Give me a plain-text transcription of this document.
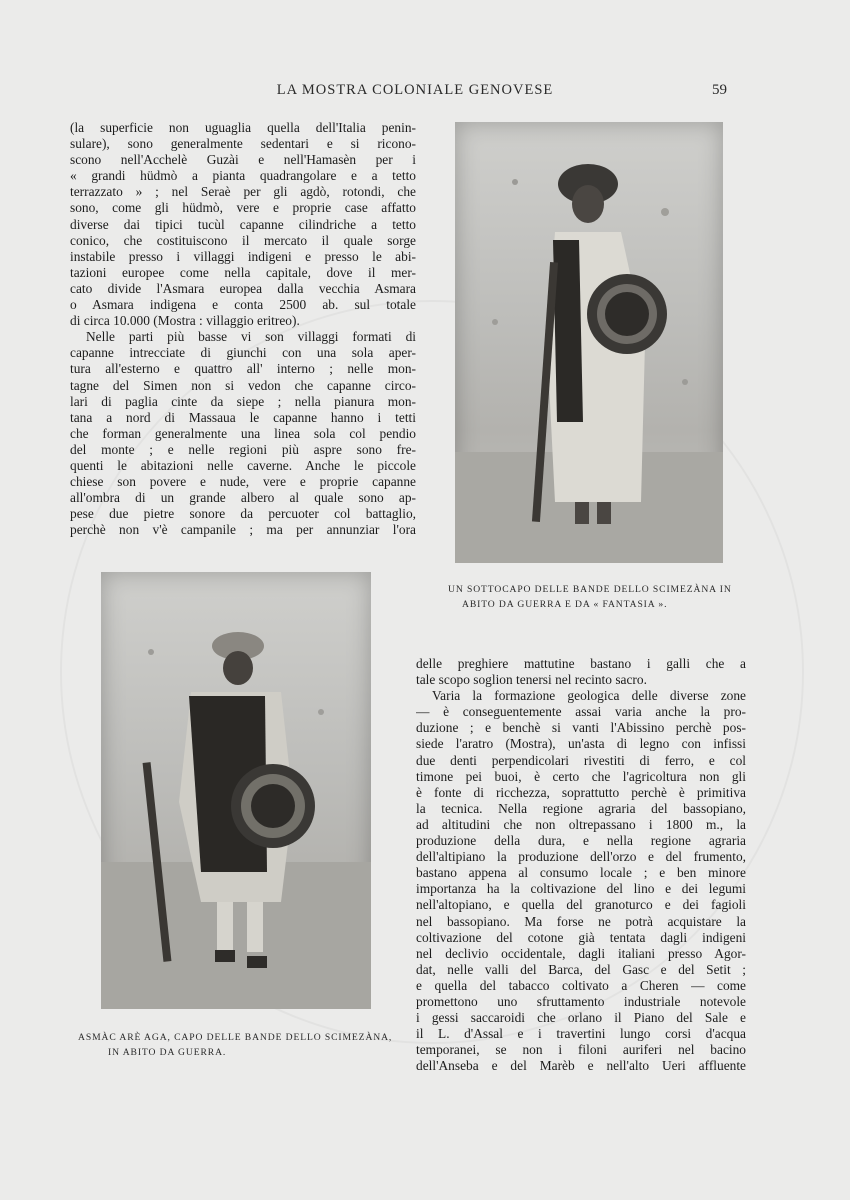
LA MOSTRA COLONIALE GENOVESE	59
(la superficie non uguaglia quella dell'Italia penin-
sulare), sono generalmente sedentari e si ricono-
scono nell'Acchelè Guzài e nell'Hamasèn per i
« grandi hüdmò a pianta quadrangolare e a tetto
terrazzato » ; nel Seraè per gli agdò, rotondi, che
sono, come gli hüdmò, vere e proprie case affatto
diverse dai tipici tucùl capanne cilindriche a tetto
conico, che costituiscono il mercato il quale sorge
instabile presso i villaggi indigeni e presso le abi-
tazioni europee come nella capitale, dove il mer-
cato divide l'Asmara europea dalla vecchia Asmara
o Asmara indigena e conta 2500 ab. sul totale
di circa 10.000 (Mostra : villaggio eritreo).
Nelle parti più basse vi son villaggi formati di
capanne intrecciate di giunchi con una sola aper-
tura all'esterno e quattro all' interno ; nelle mon-
tagne del Simen non si vedon che capanne circo-
lari di paglia cinte da siepe ; nella pianura mon-
tana a nord di Massaua le capanne hanno i tetti
che forman generalmente una linea sola col pendio
del monte ; e nelle regioni più aspre sono fre-
quenti le abitazioni nelle caverne. Anche le piccole
chiese son povere e nude, vere e proprie capanne
all'ombra di un grande albero al quale sono ap-
pese due pietre sonore da percuoter col battaglio,
perchè non v'è campanile ; ma per annunziar l'ora
UN SOTTOCAPO DELLE BANDE DELLO SCIMEZÀNA IN
ABITO DA GUERRA E DA « FANTASIA ».
ASMÀC ARÈ AGA, CAPO DELLE BANDE DELLO SCIMEZÀNA,
IN ABITO DA GUERRA.
delle preghiere mattutine bastano i galli che a
tale scopo soglion tenersi nel recinto sacro.
Varia la formazione geologica delle diverse zone
— è conseguentemente assai varia anche la pro-
duzione ; e benchè si vanti l'Abissino perchè pos-
siede l'aratro (Mostra), un'asta di legno con infissi
due denti perpendicolari rivestiti di ferro, e col
timone pei buoi, è certo che l'agricoltura non gli
è fonte di ricchezza, soprattutto perchè è primitiva
la tecnica. Nella regione agraria del bassopiano,
ad altitudini che non oltrepassano i 1800 m., la
produzione della dura, e nella regione agraria
dell'altipiano la produzione dell'orzo e del frumento,
bastano appena al consumo locale ; e ben minore
importanza ha la coltivazione del lino e dei legumi
nell'altopiano, e quella del granoturco e dei fagioli
nel bassopiano. Ma forse ne potrà acquistare la
coltivazione del cotone già tentata dagli indigeni
nel declivio occidentale, dagli italiani presso Agor-
dat, nelle valli del Barca, del Gasc e del Setit ;
e quella del tabacco coltivato a Cheren — come
promettono uno sfruttamento industriale notevole
i gessi saccaroidi che orlano il Piano del Sale e
il L. d'Assal e i travertini lungo corsi d'acqua
temporanei, se non i filoni auriferi nel bacino
dell'Anseba e del Marèb e nell'alto Ueri affluente
